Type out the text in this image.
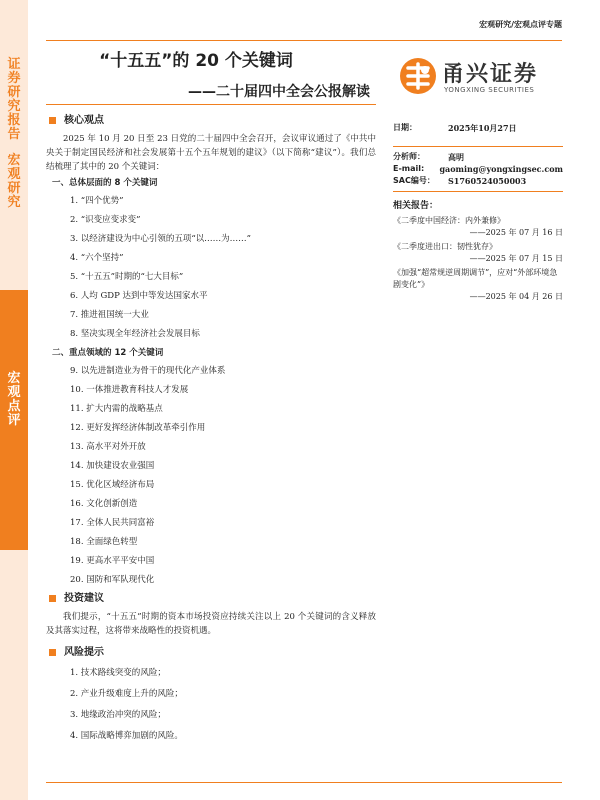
证券研究报告
宏观研究
宏观点评
宏观研究/宏观点评专题
“十五五”的 20 个关键词
——二十届四中全会公报解读
甬兴证券
YONGXING SECURITIES
核心观点

2025 年 10 月 20 日至 23 日党的二十届四中全会召开，会议审议通过了《中共中央关于制定国民经济和社会发展第十五个五年规划的建议》（以下简称“建议”）。我们总结梳理了其中的 20 个关键词：

一、总体层面的 8 个关键词
1. “四个优势”
2. “识变应变求变”
3. 以经济建设为中心引领的五项“以……为……”
4. “六个坚持”
5. “十五五”时期的“七大目标”
6. 人均 GDP 达到中等发达国家水平
7. 推进祖国统一大业
8. 坚决实现全年经济社会发展目标
二、重点领域的 12 个关键词
9. 以先进制造业为骨干的现代化产业体系
10. 一体推进教育科技人才发展
11. 扩大内需的战略基点
12. 更好发挥经济体制改革牵引作用
13. 高水平对外开放
14. 加快建设农业强国
15. 优化区域经济布局
16. 文化创新创造
17. 全体人民共同富裕
18. 全面绿色转型
19. 更高水平平安中国
20. 国防和军队现代化
投资建议

我们提示，“十五五”时期的资本市场投资应持续关注以上 20 个关键词的含义释放及其落实过程，这将带来战略性的投资机遇。

风险提示
1. 技术路线突变的风险；
2. 产业升级难度上升的风险；
3. 地缘政治冲突的风险；
4. 国际战略博弈加剧的风险。
日期：	2025年10月27日
分析师：	高明
E-mail:	gaoming@yongxingsec.com
SAC编号：	S1760524050003
相关报告：

《二季度中国经济：内外兼修》

——2025 年 07 月 16 日

《二季度进出口：韧性犹存》

——2025 年 07 月 15 日

《加强“超常规逆周期调节”，应对“外部环境急剧变化”》

——2025 年 04 月 26 日
